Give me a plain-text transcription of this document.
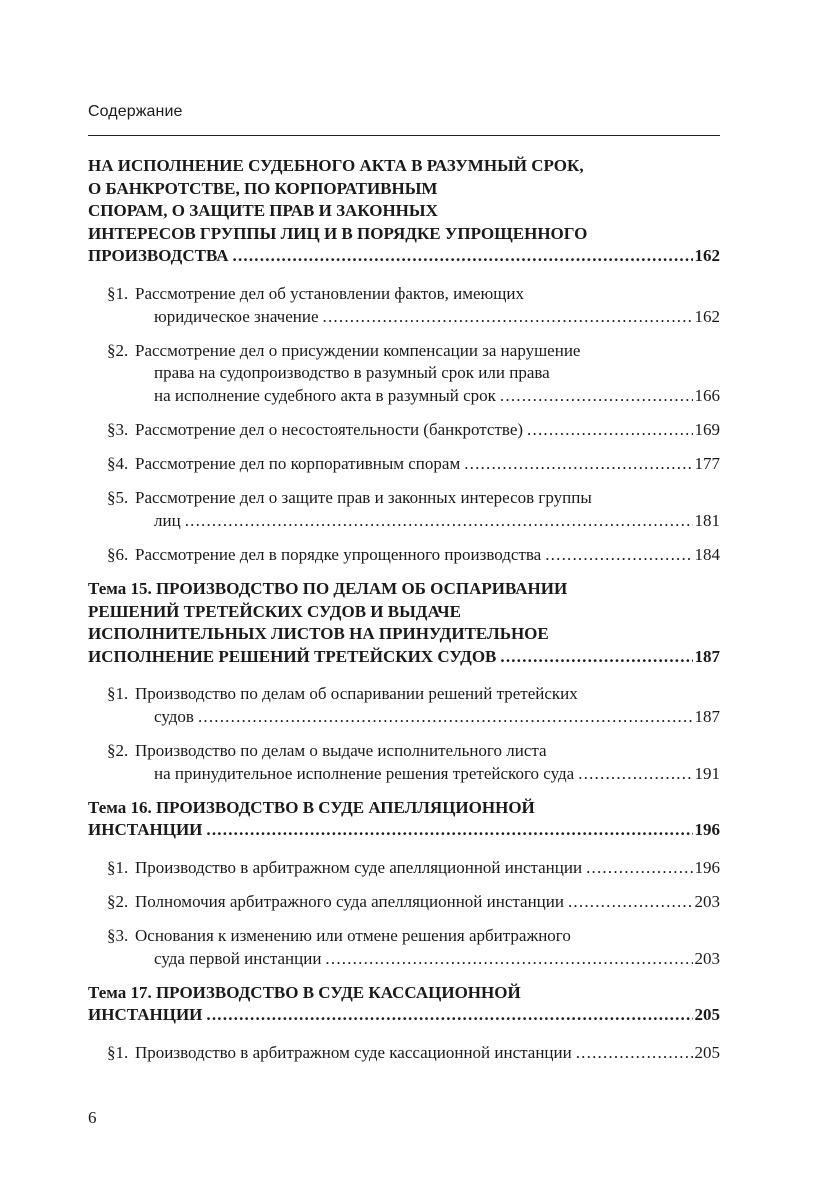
Содержание
НА ИСПОЛНЕНИЕ СУДЕБНОГО АКТА В РАЗУМНЫЙ СРОК,
О БАНКРОТСТВЕ, ПО КОРПОРАТИВНЫМ
СПОРАМ, О ЗАЩИТЕ ПРАВ И ЗАКОННЫХ
ИНТЕРЕСОВ ГРУППЫ ЛИЦ И В ПОРЯДКЕ УПРОЩЕННОГО
ПРОИЗВОДСТВА .....	162
§1. Рассмотрение дел об установлении фактов, имеющих
юридическое значение .....	162
§2. Рассмотрение дел о присуждении компенсации за нарушение
права на судопроизводство в разумный срок или права
на исполнение судебного акта в разумный срок .....	166
§3. Рассмотрение дел о несостоятельности (банкротстве) .....	169
§4. Рассмотрение дел по корпоративным спорам .....	177
§5. Рассмотрение дел о защите прав и законных интересов группы
лиц .....	181
§6. Рассмотрение дел в порядке упрощенного производства .....	184
Тема 15. ПРОИЗВОДСТВО ПО ДЕЛАМ ОБ ОСПАРИВАНИИ
РЕШЕНИЙ ТРЕТЕЙСКИХ СУДОВ И ВЫДАЧЕ
ИСПОЛНИТЕЛЬНЫХ ЛИСТОВ НА ПРИНУДИТЕЛЬНОЕ
ИСПОЛНЕНИЕ РЕШЕНИЙ ТРЕТЕЙСКИХ СУДОВ .....	187
§1. Производство по делам об оспаривании решений третейских
судов .....	187
§2. Производство по делам о выдаче исполнительного листа
на принудительное исполнение решения третейского суда .....	191
Тема 16. ПРОИЗВОДСТВО В СУДЕ АПЕЛЛЯЦИОННОЙ
ИНСТАНЦИИ .....	196
§1. Производство в арбитражном суде апелляционной инстанции .....	196
§2. Полномочия арбитражного суда апелляционной инстанции .....	203
§3. Основания к изменению или отмене решения арбитражного
суда первой инстанции .....	203
Тема 17. ПРОИЗВОДСТВО В СУДЕ КАССАЦИОННОЙ
ИНСТАНЦИИ .....	205
§1. Производство в арбитражном суде кассационной инстанции .....	205
6
